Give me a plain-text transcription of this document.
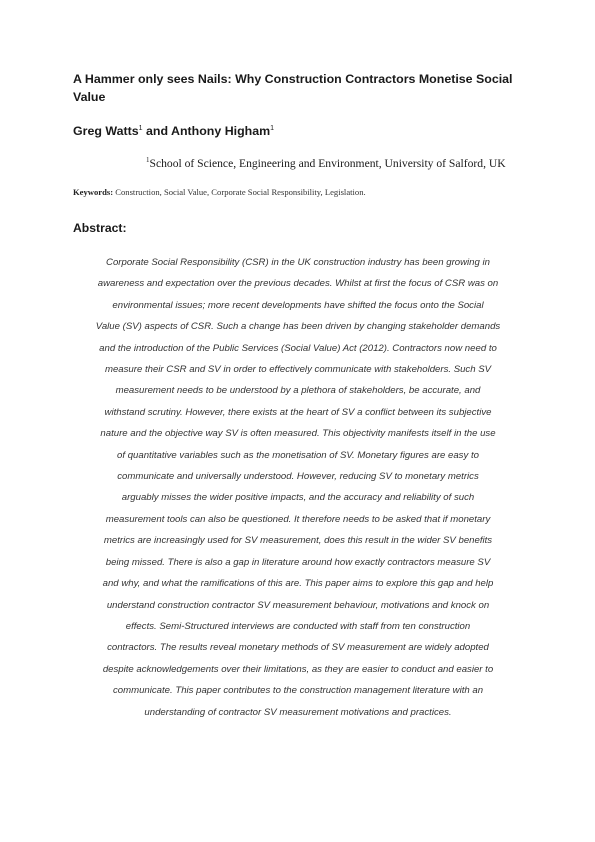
A Hammer only sees Nails: Why Construction Contractors Monetise Social Value
Greg Watts$^1$ and Anthony Higham$^1$
$^1$School of Science, Engineering and Environment, University of Salford, UK
Keywords: Construction, Social Value, Corporate Social Responsibility, Legislation.
Abstract:
Corporate Social Responsibility (CSR) in the UK construction industry has been growing in
awareness and expectation over the previous decades. Whilst at first the focus of CSR was on
environmental issues; more recent developments have shifted the focus onto the Social
Value (SV) aspects of CSR. Such a change has been driven by changing stakeholder demands
and the introduction of the Public Services (Social Value) Act (2012). Contractors now need to
measure their CSR and SV in order to effectively communicate with stakeholders. Such SV
measurement needs to be understood by a plethora of stakeholders, be accurate, and
withstand scrutiny. However, there exists at the heart of SV a conflict between its subjective
nature and the objective way SV is often measured. This objectivity manifests itself in the use
of quantitative variables such as the monetisation of SV. Monetary figures are easy to
communicate and universally understood. However, reducing SV to monetary metrics
arguably misses the wider positive impacts, and the accuracy and reliability of such
measurement tools can also be questioned. It therefore needs to be asked that if monetary
metrics are increasingly used for SV measurement, does this result in the wider SV benefits
being missed. There is also a gap in literature around how exactly contractors measure SV
and why, and what the ramifications of this are. This paper aims to explore this gap and help
understand construction contractor SV measurement behaviour, motivations and knock on
effects. Semi-Structured interviews are conducted with staff from ten construction
contractors. The results reveal monetary methods of SV measurement are widely adopted
despite acknowledgements over their limitations, as they are easier to conduct and easier to
communicate. This paper contributes to the construction management literature with an
understanding of contractor SV measurement motivations and practices.
